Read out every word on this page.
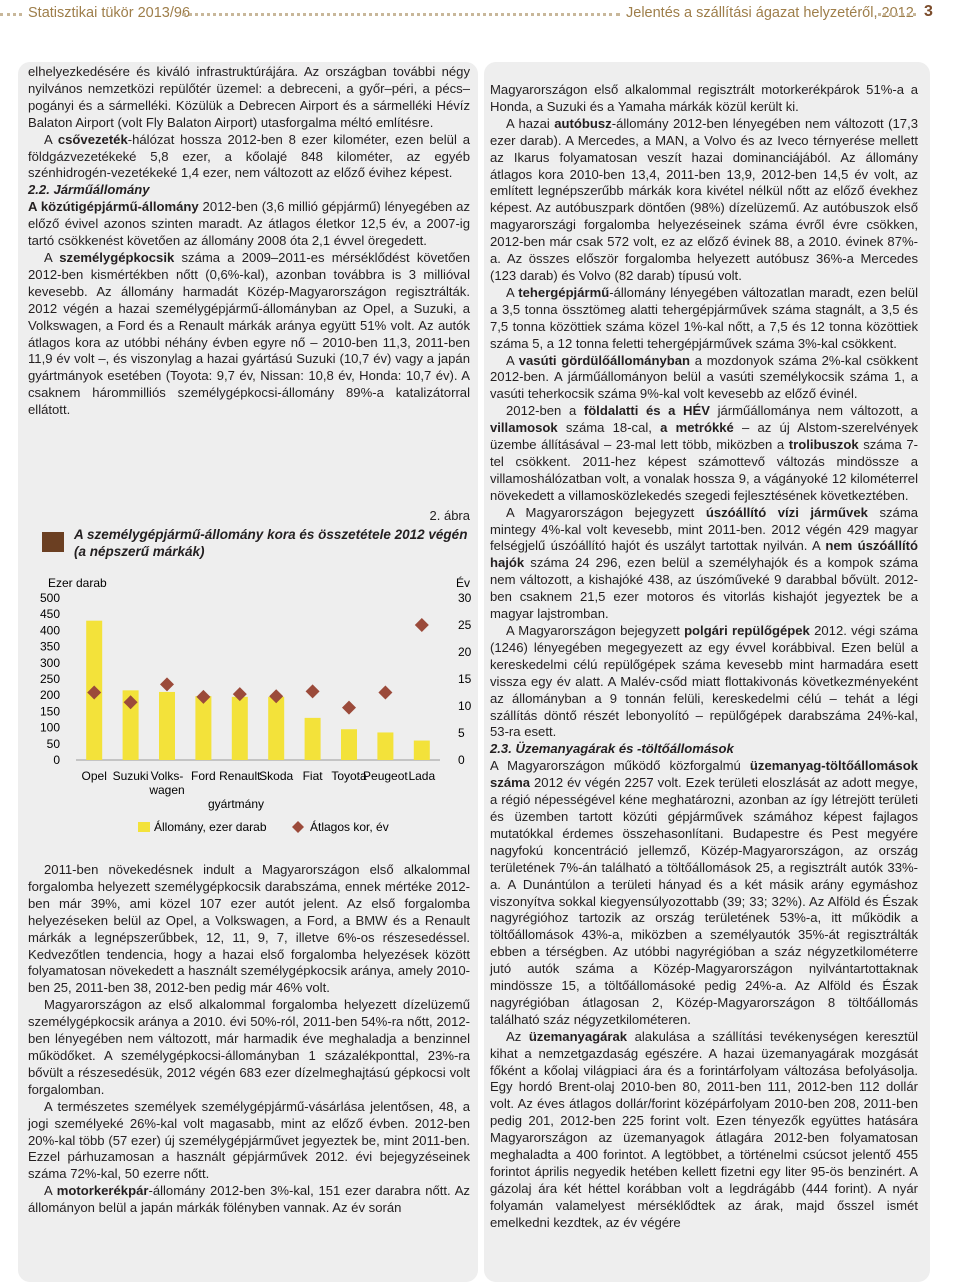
Statisztikai tükör 2013/96	Jelentés a szállítási ágazat helyzetéről, 2012 3

elhelyezkedésére és kiváló infrastruktúrájára. Az országban további négy nyilvános nemzetközi repülőtér üzemel: a debreceni, a győr–péri, a pécs–pogányi és a sármelléki. Közülük a Debrecen Airport és a sármelléki Hévíz Balaton Airport (volt Fly Balaton Airport) utasforgalma méltó említésre.

A csővezeték-hálózat hossza 2012-ben 8 ezer kilométer, ezen belül a földgázvezetékeké 5,8 ezer, a kőolajé 848 kilométer, az egyéb szénhidrogén-vezetékeké 1,4 ezer, nem változott az előző évihez képest.

2.2. Járműállomány

A közútigépjármű-állomány 2012-ben (3,6 millió gépjármű) lényegében az előző évivel azonos szinten maradt. Az átlagos életkor 12,5 év, a 2007-ig tartó csökkenést követően az állomány 2008 óta 2,1 évvel öregedett.

A személygépkocsik száma a 2009–2011-es mérséklődést követően 2012-ben kismértékben nőtt (0,6%-kal), azonban továbbra is 3 millióval kevesebb. Az állomány harmadát Közép-Magyarországon regisztrálták. 2012 végén a hazai személygépjármű-állományban az Opel, a Suzuki, a Volkswagen, a Ford és a Renault márkák aránya együtt 51% volt. Az autók átlagos kora az utóbbi néhány évben egyre nő – 2010-ben 11,3, 2011-ben 11,9 év volt –, és viszonylag a hazai gyártású Suzuki (10,7 év) vagy a japán gyártmányok esetében (Toyota: 9,7 év, Nissan: 10,8 év, Honda: 10,7 év). A csaknem hárommilliós személygépkocsi-állomány 89%-a katalizátorral ellátott.

2. ábra
A személygépjármű-állomány kora és összetétele 2012 végén (a népszerű márkák)
Ezer darab	Év
0
50
100
150
200
250
300
350
400
450
500
0
5
10
15
20
25
30
Opel Suzuki Volks-
wagen
Ford Renault
Skoda Fiat Toyota
Peugeot Lada
gyártmány
Állomány, ezer darab	Átlagos kor, év

2011-ben növekedésnek indult a Magyarországon első alkalommal forgalomba helyezett személygépkocsik darabszáma, ennek mértéke 2012-ben már 39%, ami közel 107 ezer autót jelent. Az első forgalomba helyezéseken belül az Opel, a Volkswagen, a Ford, a BMW és a Renault márkák a legnépszerűbbek, 12, 11, 9, 7, illetve 6%-os részesedéssel. Kedvezőtlen tendencia, hogy a hazai első forgalomba helyezések között folyamatosan növekedett a használt személygépkocsik aránya, amely 2010-ben 25, 2011-ben 38, 2012-ben pedig már 46% volt.

Magyarországon az első alkalommal forgalomba helyezett dízelüzemű személygépkocsik aránya a 2010. évi 50%-ról, 2011-ben 54%-ra nőtt, 2012-ben lényegében nem változott, már harmadik éve meghaladja a benzinnel működőket. A személygépkocsi-állományban 1 százalékponttal, 23%-ra bővült a részesedésük, 2012 végén 683 ezer dízelmeghajtású gépkocsi volt forgalomban.

A természetes személyek személygépjármű-vásárlása jelentősen, 48, a jogi személyeké 26%-kal volt magasabb, mint az előző évben. 2012-ben 20%-kal több (57 ezer) új személygépjárművet jegyeztek be, mint 2011-ben. Ezzel párhuzamosan a használt gépjárművek 2012. évi bejegyzéseinek száma 72%-kal, 50 ezerre nőtt.

A motorkerékpár-állomány 2012-ben 3%-kal, 151 ezer darabra nőtt. Az állományon belül a japán márkák fölényben vannak. Az év során

Magyarországon első alkalommal regisztrált motorkerékpárok 51%-a a Honda, a Suzuki és a Yamaha márkák közül került ki.

A hazai autóbusz-állomány 2012-ben lényegében nem változott (17,3 ezer darab). A Mercedes, a MAN, a Volvo és az Iveco térnyerése mellett az Ikarus folyamatosan veszít hazai dominanciájából. Az állomány átlagos kora 2010-ben 13,4, 2011-ben 13,9, 2012-ben 14,5 év volt, az említett legnépszerűbb márkák kora kivétel nélkül nőtt az előző évekhez képest. Az autóbuszpark döntően (98%) dízelüzemű. Az autóbuszok első magyarországi forgalomba helyezéseinek száma évről évre csökken, 2012-ben már csak 572 volt, ez az előző évinek 88, a 2010. évinek 87%-a. Az összes először forgalomba helyezett autóbusz 36%-a Mercedes (123 darab) és Volvo (82 darab) típusú volt.

A tehergépjármű-állomány lényegében változatlan maradt, ezen belül a 3,5 tonna össztömeg alatti tehergépjárművek száma stagnált, a 3,5 és 7,5 tonna közöttiek száma közel 1%-kal nőtt, a 7,5 és 12 tonna közöttiek száma 5, a 12 tonna feletti tehergépjárművek száma 3%-kal csökkent.

A vasúti gördülőállományban a mozdonyok száma 2%-kal csökkent 2012-ben. A járműállományon belül a vasúti személykocsik száma 1, a vasúti teherkocsik száma 9%-kal volt kevesebb az előző évinél.

2012-ben a földalatti és a HÉV járműállománya nem változott, a villamosok száma 18-cal, a metrókké – az új Alstom-szerelvények üzembe állításával – 23-mal lett több, miközben a trolibuszok száma 7-tel csökkent. 2011-hez képest számottevő változás mindössze a villamoshálózatban volt, a vonalak hossza 9, a vágányoké 12 kilométerrel növekedett a villamosközlekedés szegedi fejlesztésének következtében.

A Magyarországon bejegyzett úszóállító vízi járművek száma mintegy 4%-kal volt kevesebb, mint 2011-ben. 2012 végén 429 magyar felségjelű úszóállító hajót és uszályt tartottak nyilván. A nem úszóállító hajók száma 24 296, ezen belül a személyhajók és a kompok száma nem változott, a kishajóké 438, az úszóműveké 9 darabbal bővült. 2012-ben csaknem 21,5 ezer motoros és vitorlás kishajót jegyeztek be a magyar lajstromban.

A Magyarországon bejegyzett polgári repülőgépek 2012. végi száma (1246) lényegében megegyezett az egy évvel korábbival. Ezen belül a kereskedelmi célú repülőgépek száma kevesebb mint harmadára esett vissza egy év alatt. A Malév-csőd miatt flottakivonás következményeként az állományban a 9 tonnán felüli, kereskedelmi célú – tehát a légi szállítás döntő részét lebonyolító – repülőgépek darabszáma 24%-kal, 53-ra esett.

2.3. Üzemanyagárak és -töltőállomások

A Magyarországon működő közforgalmú üzemanyag-töltőállomások száma 2012 év végén 2257 volt. Ezek területi eloszlását az adott megye, a régió népességével kéne meghatározni, azonban az így létrejött területi és üzemben tartott közúti gépjárművek számához képest fajlagos mutatókkal érdemes összehasonlítani. Budapestre és Pest megyére nagyfokú koncentráció jellemző, Közép-Magyarországon, az ország területének 7%-án található a töltőállomások 25, a regisztrált autók 33%-a. A Dunántúlon a területi hányad és a két másik arány egymáshoz viszonyítva sokkal kiegyensúlyozottabb (39; 33; 32%). Az Alföld és Észak nagyrégióhoz tartozik az ország területének 53%-a, itt működik a töltőállomások 43%-a, miközben a személyautók 35%-át regisztrálták ebben a térségben. Az utóbbi nagyrégióban a száz négyzetkilométerre jutó autók száma a Közép-Magyarországon nyilvántartottaknak mindössze 15, a töltőállomásoké pedig 24%-a. Az Alföld és Észak nagyrégióban átlagosan 2, Közép-Magyarországon 8 töltőállomás található száz négyzetkilométeren.

Az üzemanyagárak alakulása a szállítási tevékenységen keresztül kihat a nemzetgazdaság egészére. A hazai üzemanyagárak mozgását főként a kőolaj világpiaci ára és a forintárfolyam változása befolyásolja. Egy hordó Brent-olaj 2010-ben 80, 2011-ben 111, 2012-ben 112 dollár volt. Az éves átlagos dollár/forint középárfolyam 2010-ben 208, 2011-ben pedig 201, 2012-ben 225 forint volt. Ezen tényezők együttes hatására Magyarországon az üzemanyagok átlagára 2012-ben folyamatosan meghaladta a 400 forintot. A legtöbbet, a történelmi csúcsot jelentő 455 forintot április negyedik hetében kellett fizetni egy liter 95-ös benzinért. A gázolaj ára két héttel korábban volt a legdrágább (444 forint). A nyár folyamán valamelyest mérséklődtek az árak, majd ősszel ismét emelkedni kezdtek, az év végére
